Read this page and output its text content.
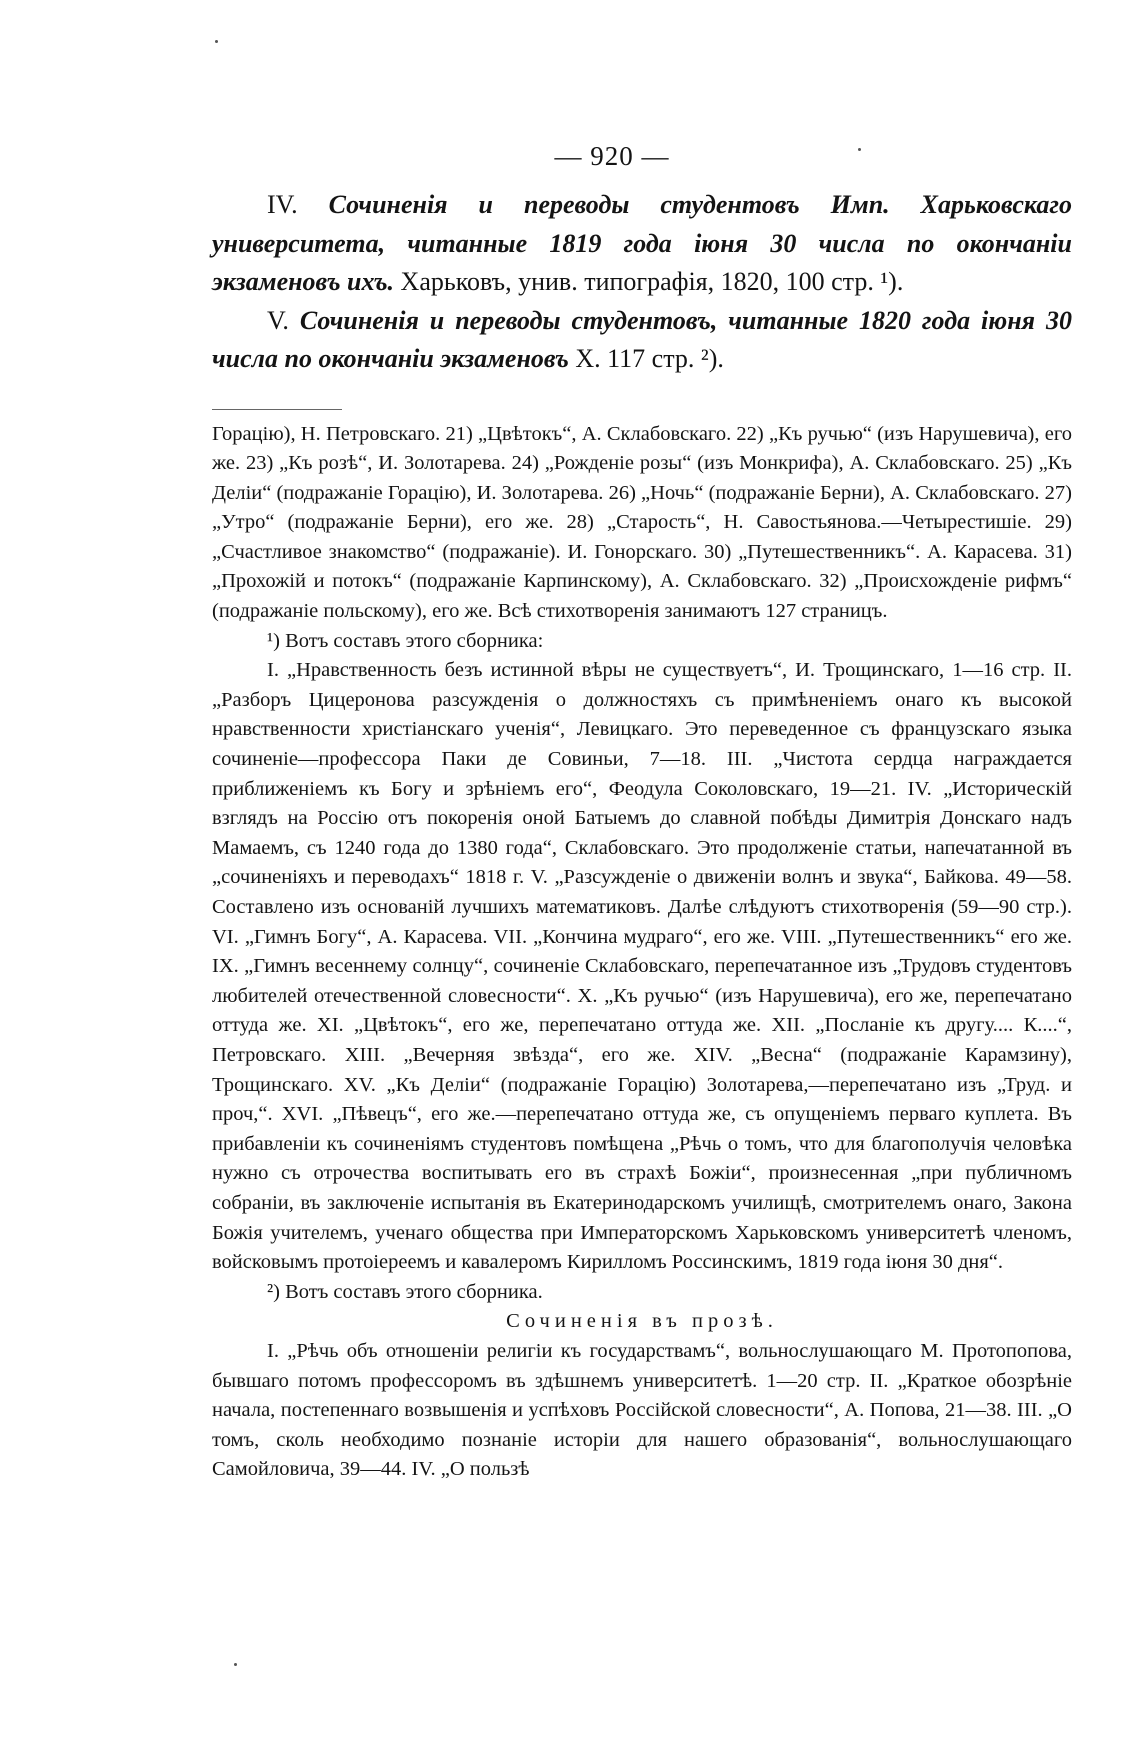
— 920 —

IV. Сочиненія и переводы студентовъ Имп. Харьковскаго университета, читанные 1819 года іюня 30 числа по окончаніи экзаменовъ ихъ. Харьковъ, унив. типографія, 1820, 100 стр. ¹).

V. Сочиненія и переводы студентовъ, читанные 1820 года іюня 30 числа по окончаніи экзаменовъ X. 117 стр. ²).

Горацію), Н. Петровскаго. 21) „Цвѣтокъ“, А. Склабовскаго. 22) „Къ ручью“ (изъ Нарушевича), его же. 23) „Къ розѣ“, И. Золотарева. 24) „Рожденіе розы“ (изъ Монкрифа), А. Склабовскаго. 25) „Къ Деліи“ (подражаніе Горацію), И. Золотарева. 26) „Ночь“ (подражаніе Берни), А. Склабовскаго. 27) „Утро“ (подражаніе Берни), его же. 28) „Старость“, Н. Савостьянова.—Четырестишіе. 29) „Счастливое знакомство“ (подражаніе). И. Гонорскаго. 30) „Путешественникъ“. А. Карасева. 31) „Прохожій и потокъ“ (подражаніе Карпинскому), А. Склабовскаго. 32) „Происхожденіе рифмъ“ (подражаніе польскому), его же. Всѣ стихотворенія занимаютъ 127 страницъ.

¹) Вотъ составъ этого сборника:

I. „Нравственность безъ истинной вѣры не существуетъ“, И. Трощинскаго, 1—16 стр. II. „Разборъ Цицеронова разсужденія о должностяхъ съ примѣненіемъ онаго къ высокой нравственности христіанскаго ученія“, Левицкаго. Это переведенное съ французскаго языка сочиненіе—профессора Паки де Совиньи, 7—18. III. „Чистота сердца награждается приближеніемъ къ Богу и зрѣніемъ его“, Феодула Соколовскаго, 19—21. IV. „Историческій взглядъ на Россію отъ покоренія оной Батыемъ до славной побѣды Димитрія Донскаго надъ Мамаемъ, съ 1240 года до 1380 года“, Склабовскаго. Это продолженіе статьи, напечатанной въ „сочиненіяхъ и переводахъ“ 1818 г. V. „Разсужденіе о движеніи волнъ и звука“, Байкова. 49—58. Составлено изъ основаній лучшихъ математиковъ. Далѣе слѣдуютъ стихотворенія (59—90 стр.). VI. „Гимнъ Богу“, А. Карасева. VII. „Кончина мудраго“, его же. VIII. „Путешественникъ“ его же. IX. „Гимнъ весеннему солнцу“, сочиненіе Склабовскаго, перепечатанное изъ „Трудовъ студентовъ любителей отечественной словесности“. X. „Къ ручью“ (изъ Нарушевича), его же, перепечатано оттуда же. XI. „Цвѣтокъ“, его же, перепечатано оттуда же. XII. „Посланіе къ другу.... К....“, Петровскаго. XIII. „Вечерняя звѣзда“, его же. XIV. „Весна“ (подражаніе Карамзину), Трощинскаго. XV. „Къ Деліи“ (подражаніе Горацію) Золотарева,—перепечатано изъ „Труд. и проч,“. XVI. „Пѣвецъ“, его же.—перепечатано оттуда же, съ опущеніемъ перваго куплета. Въ прибавленіи къ сочиненіямъ студентовъ помѣщена „Рѣчь о томъ, что для благополучія человѣка нужно съ отрочества воспитывать его въ страхѣ Божіи“, произнесенная „при публичномъ собраніи, въ заключеніе испытанія въ Екатеринодарскомъ училищѣ, смотрителемъ онаго, Закона Божія учителемъ, ученаго общества при Императорскомъ Харьковскомъ университетѣ членомъ, войсковымъ протоіереемъ и кавалеромъ Кирилломъ Россинскимъ, 1819 года іюня 30 дня“.

²) Вотъ составъ этого сборника.

Сочиненія въ прозѣ.

I. „Рѣчь объ отношеніи религіи къ государствамъ“, вольнослушающаго М. Протопопова, бывшаго потомъ профессоромъ въ здѣшнемъ университетѣ. 1—20 стр. II. „Краткое обозрѣніе начала, постепеннаго возвышенія и успѣховъ Россійской словесности“, А. Попова, 21—38. III. „О томъ, сколь необходимо познаніе исторіи для нашего образованія“, вольнослушающаго Самойловича, 39—44. IV. „О пользѣ
